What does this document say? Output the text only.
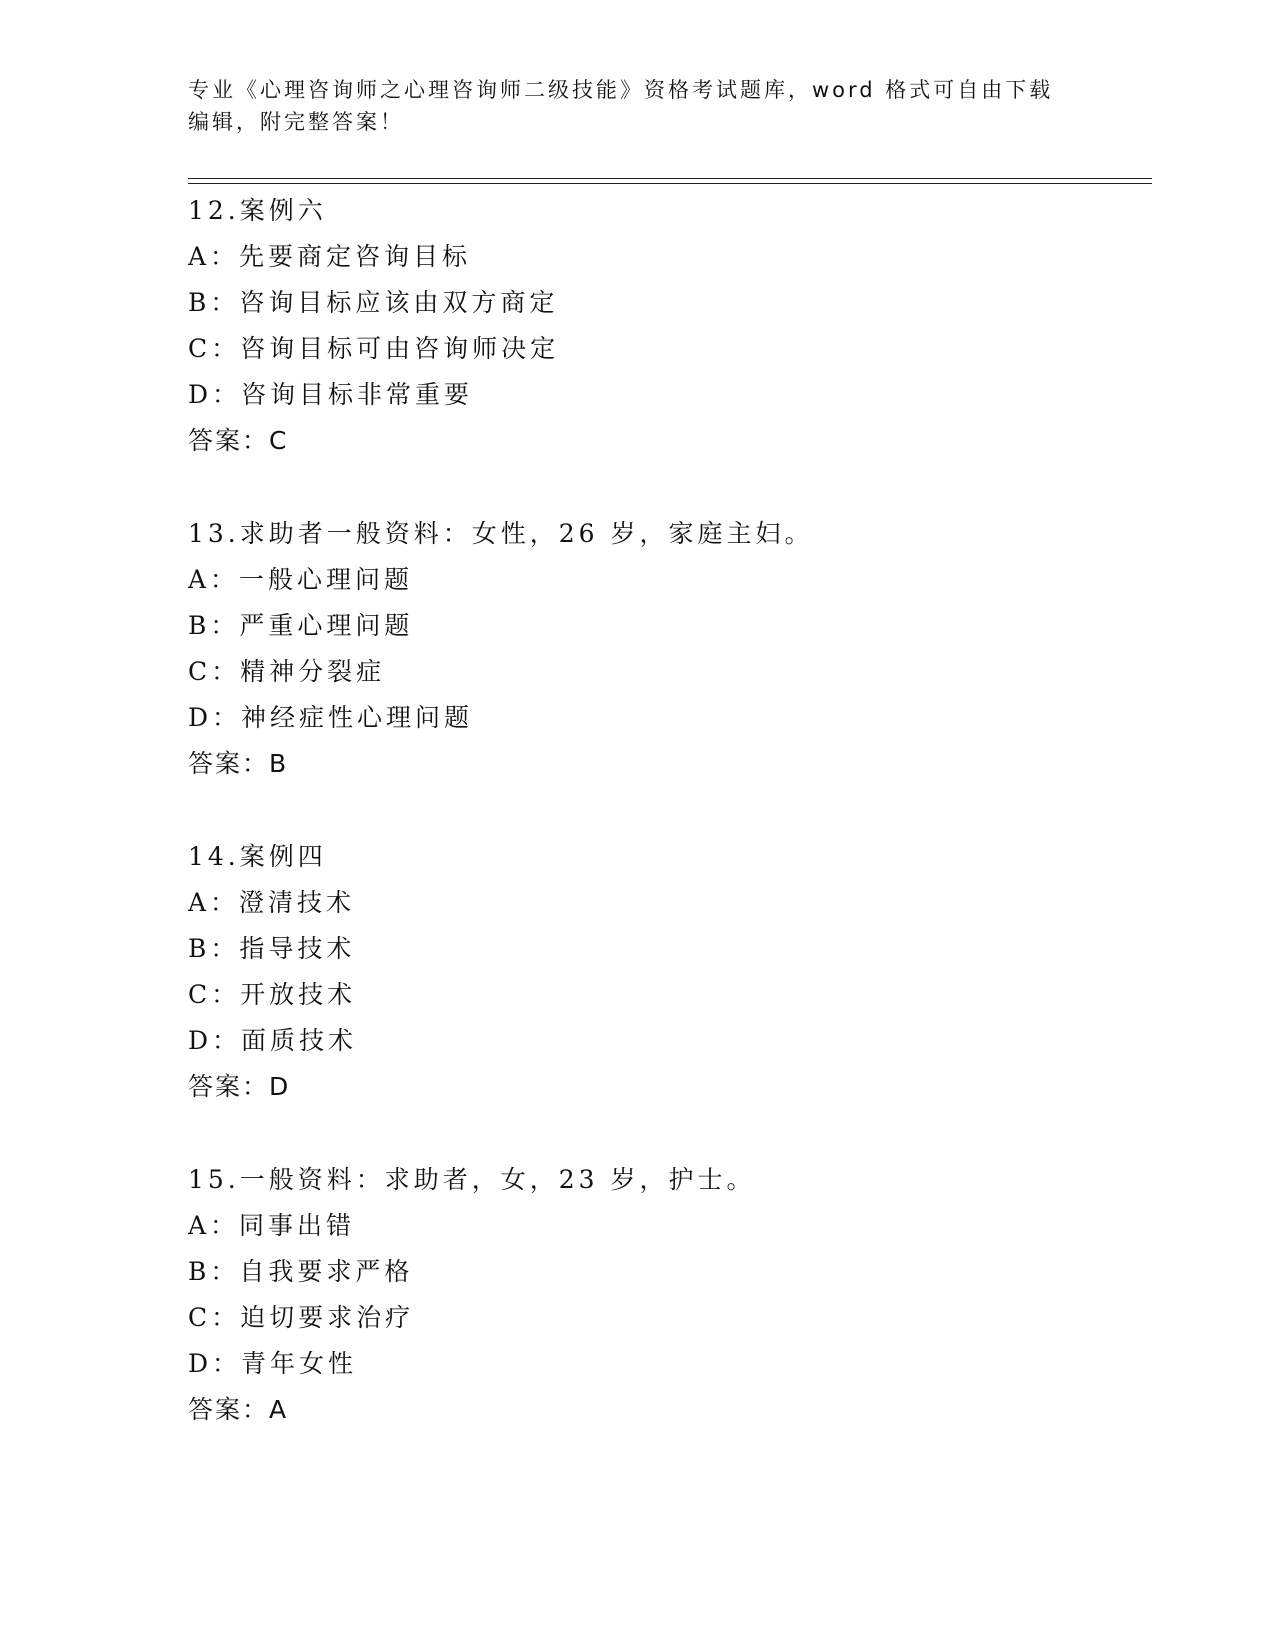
专业《心理咨询师之心理咨询师二级技能》资格考试题库，word 格式可自由下载
编辑，附完整答案！
12.案例六
A：先要商定咨询目标
B：咨询目标应该由双方商定
C：咨询目标可由咨询师决定
D：咨询目标非常重要
答案：C
13.求助者一般资料：女性，26 岁，家庭主妇。
A：一般心理问题
B：严重心理问题
C：精神分裂症
D：神经症性心理问题
答案：B
14.案例四
A：澄清技术
B：指导技术
C：开放技术
D：面质技术
答案：D
15.一般资料：求助者，女，23 岁，护士。
A：同事出错
B：自我要求严格
C：迫切要求治疗
D：青年女性
答案：A
